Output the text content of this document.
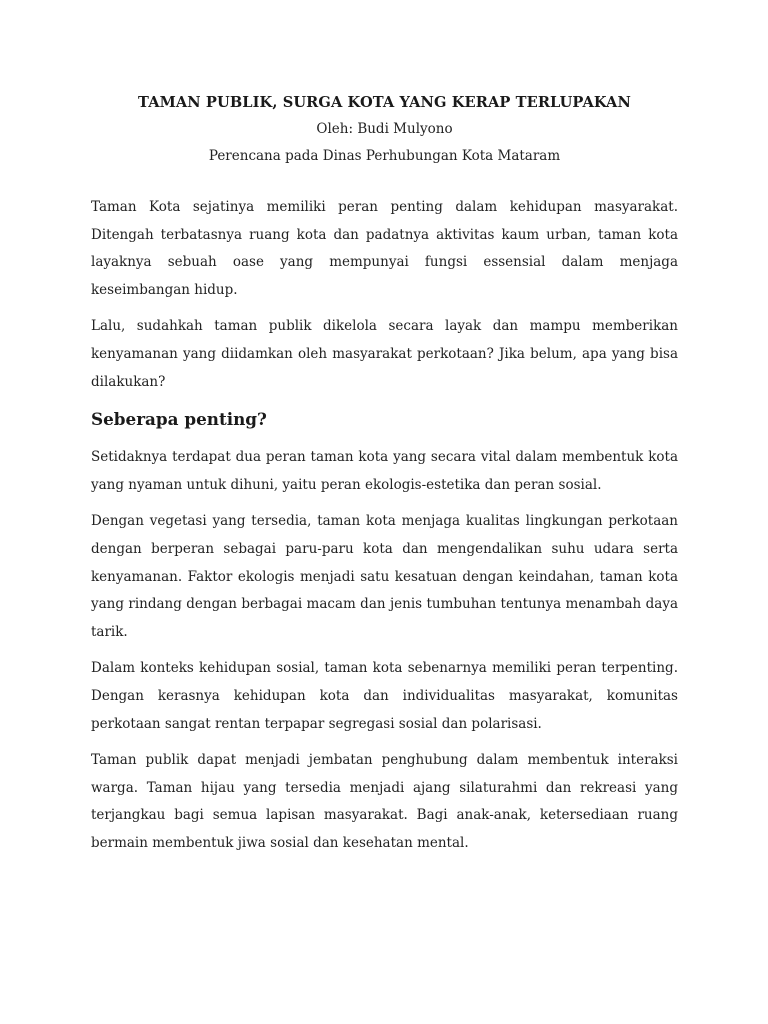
TAMAN PUBLIK, SURGA KOTA YANG KERAP TERLUPAKAN

Oleh: Budi Mulyono

Perencana pada Dinas Perhubungan Kota Mataram

Taman Kota sejatinya memiliki peran penting dalam kehidupan masyarakat. Ditengah terbatasnya ruang kota dan padatnya aktivitas kaum urban, taman kota layaknya sebuah oase yang mempunyai fungsi essensial dalam menjaga keseimbangan hidup.

Lalu, sudahkah taman publik dikelola secara layak dan mampu memberikan kenyamanan yang diidamkan oleh masyarakat perkotaan? Jika belum, apa yang bisa dilakukan?

Seberapa penting?

Setidaknya terdapat dua peran taman kota yang secara vital dalam membentuk kota yang nyaman untuk dihuni, yaitu peran ekologis-estetika dan peran sosial.

Dengan vegetasi yang tersedia, taman kota menjaga kualitas lingkungan perkotaan dengan berperan sebagai paru-paru kota dan mengendalikan suhu udara serta kenyamanan. Faktor ekologis menjadi satu kesatuan dengan keindahan, taman kota yang rindang dengan berbagai macam dan jenis tumbuhan tentunya menambah daya tarik.

Dalam konteks kehidupan sosial, taman kota sebenarnya memiliki peran terpenting. Dengan kerasnya kehidupan kota dan individualitas masyarakat, komunitas perkotaan sangat rentan terpapar segregasi sosial dan polarisasi.

Taman publik dapat menjadi jembatan penghubung dalam membentuk interaksi warga. Taman hijau yang tersedia menjadi ajang silaturahmi dan rekreasi yang terjangkau bagi semua lapisan masyarakat. Bagi anak-anak, ketersediaan ruang bermain membentuk jiwa sosial dan kesehatan mental.
